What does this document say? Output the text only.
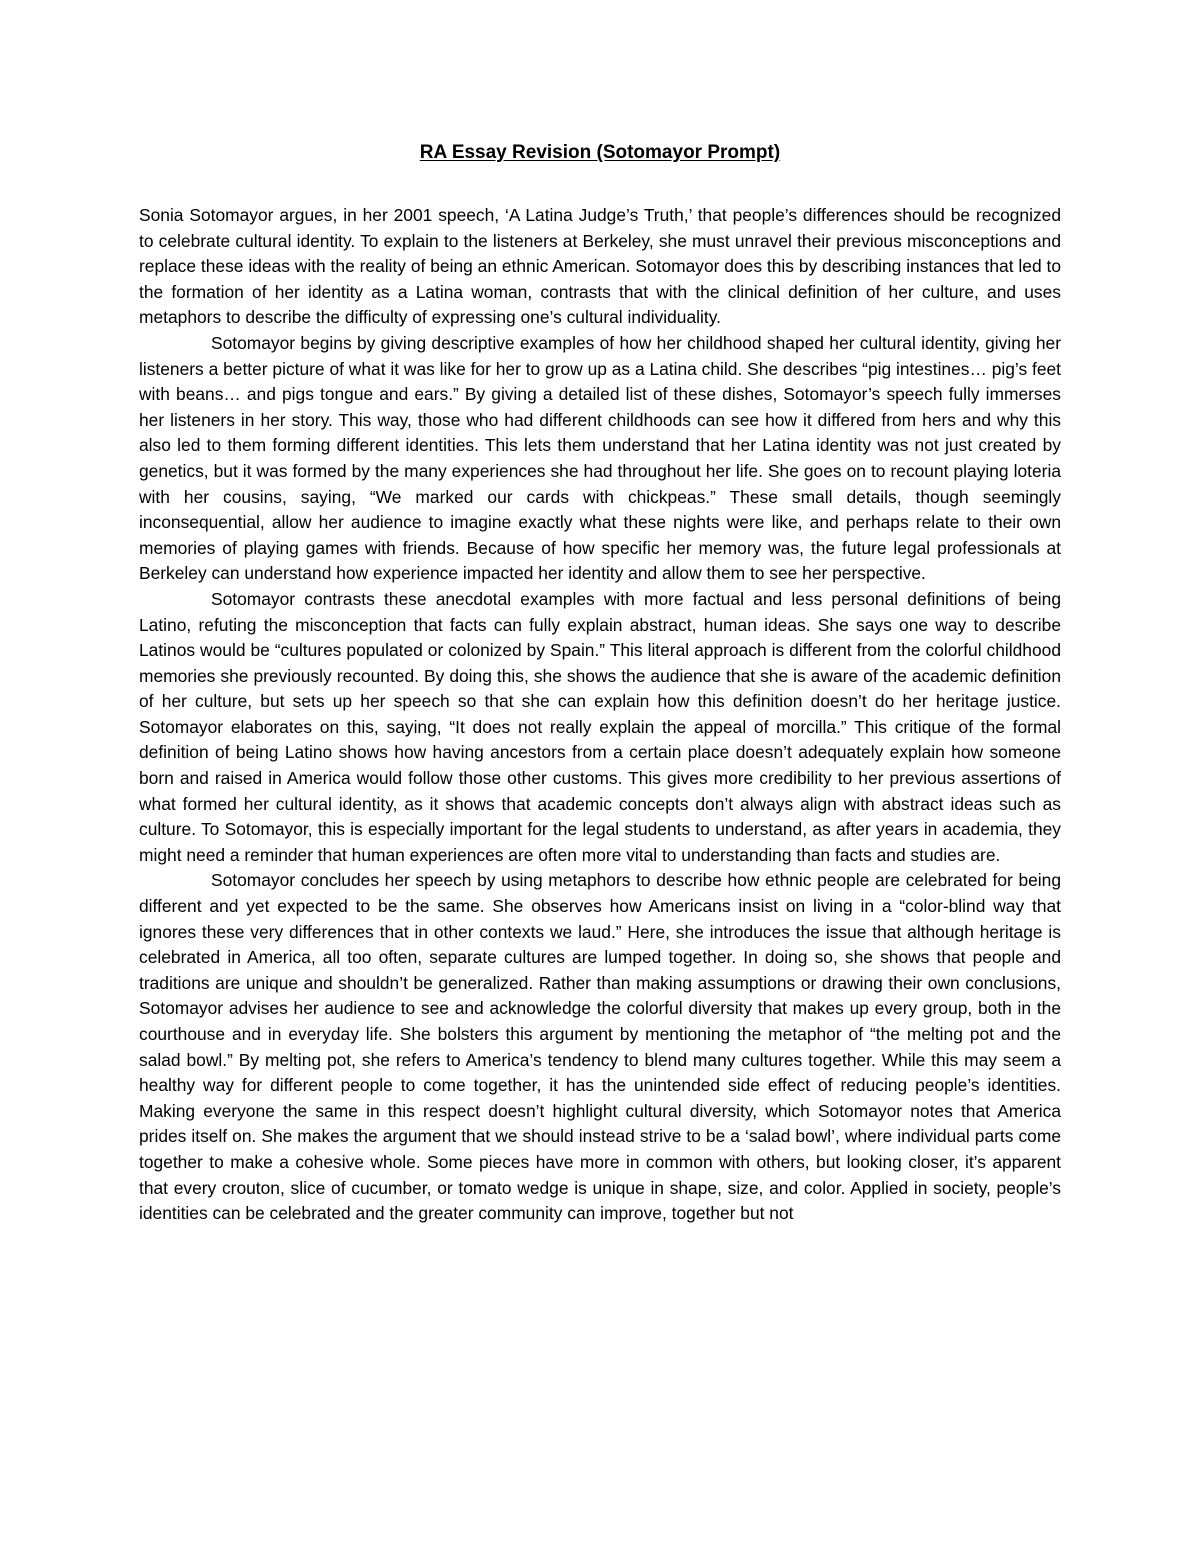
RA Essay Revision (Sotomayor Prompt)

Sonia Sotomayor argues, in her 2001 speech, ‘A Latina Judge’s Truth,’ that people’s differences should be recognized to celebrate cultural identity. To explain to the listeners at Berkeley, she must unravel their previous misconceptions and replace these ideas with the reality of being an ethnic American. Sotomayor does this by describing instances that led to the formation of her identity as a Latina woman, contrasts that with the clinical definition of her culture, and uses metaphors to describe the difficulty of expressing one’s cultural individuality.

Sotomayor begins by giving descriptive examples of how her childhood shaped her cultural identity, giving her listeners a better picture of what it was like for her to grow up as a Latina child. She describes “pig intestines… pig’s feet with beans… and pigs tongue and ears.” By giving a detailed list of these dishes, Sotomayor’s speech fully immerses her listeners in her story. This way, those who had different childhoods can see how it differed from hers and why this also led to them forming different identities. This lets them understand that her Latina identity was not just created by genetics, but it was formed by the many experiences she had throughout her life. She goes on to recount playing loteria with her cousins, saying, “We marked our cards with chickpeas.” These small details, though seemingly inconsequential, allow her audience to imagine exactly what these nights were like, and perhaps relate to their own memories of playing games with friends. Because of how specific her memory was, the future legal professionals at Berkeley can understand how experience impacted her identity and allow them to see her perspective.

Sotomayor contrasts these anecdotal examples with more factual and less personal definitions of being Latino, refuting the misconception that facts can fully explain abstract, human ideas. She says one way to describe Latinos would be “cultures populated or colonized by Spain.” This literal approach is different from the colorful childhood memories she previously recounted. By doing this, she shows the audience that she is aware of the academic definition of her culture, but sets up her speech so that she can explain how this definition doesn’t do her heritage justice. Sotomayor elaborates on this, saying, “It does not really explain the appeal of morcilla.” This critique of the formal definition of being Latino shows how having ancestors from a certain place doesn’t adequately explain how someone born and raised in America would follow those other customs. This gives more credibility to her previous assertions of what formed her cultural identity, as it shows that academic concepts don’t always align with abstract ideas such as culture. To Sotomayor, this is especially important for the legal students to understand, as after years in academia, they might need a reminder that human experiences are often more vital to understanding than facts and studies are.

Sotomayor concludes her speech by using metaphors to describe how ethnic people are celebrated for being different and yet expected to be the same. She observes how Americans insist on living in a “color-blind way that ignores these very differences that in other contexts we laud.” Here, she introduces the issue that although heritage is celebrated in America, all too often, separate cultures are lumped together. In doing so, she shows that people and traditions are unique and shouldn’t be generalized. Rather than making assumptions or drawing their own conclusions, Sotomayor advises her audience to see and acknowledge the colorful diversity that makes up every group, both in the courthouse and in everyday life. She bolsters this argument by mentioning the metaphor of “the melting pot and the salad bowl.” By melting pot, she refers to America’s tendency to blend many cultures together. While this may seem a healthy way for different people to come together, it has the unintended side effect of reducing people’s identities. Making everyone the same in this respect doesn’t highlight cultural diversity, which Sotomayor notes that America prides itself on. She makes the argument that we should instead strive to be a ‘salad bowl’, where individual parts come together to make a cohesive whole. Some pieces have more in common with others, but looking closer, it’s apparent that every crouton, slice of cucumber, or tomato wedge is unique in shape, size, and color. Applied in society, people’s identities can be celebrated and the greater community can improve, together but not
